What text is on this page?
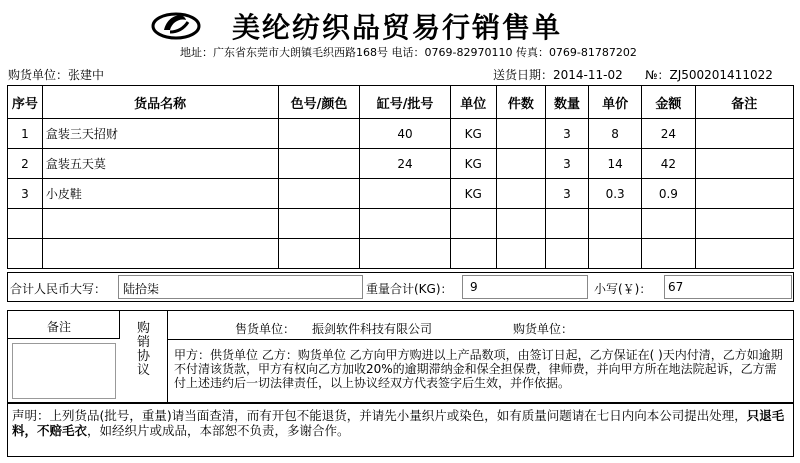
美纶纺织品贸易行销售单
地址：广东省东莞市大朗镇毛织西路168号 电话：0769-82970110 传真：0769-81787202
购货单位：张建中	送货日期：2014-11-02 №：ZJ500201411022
序号	货品名称	色号/颜色	缸号/批号	单位	件数	数量	单价	金额	备注
1	盒装三天招财		40	KG		3	8	24	
2	盒装五天莫		24	KG		3	14	42	
3	小皮鞋			KG		3	0.3	0.9	

合计人民币大写： 陆拾柒	重量合计(KG)： 9	小写(￥)： 67
备注	购销协议
售货单位： 振剑软件科技有限公司	购货单位：
甲方：供货单位 乙方：购货单位 乙方向甲方购进以上产品数项，由签订日起，乙方保证在( )天内付清，乙方如逾期不付清该货款，甲方有权向乙方加收20%的逾期滞纳金和保全担保费，律师费，并向甲方所在地法院起诉，乙方需付上述违约后一切法律责任，以上协议经双方代表签字后生效，并作依据。
声明：上列货品(批号，重量)请当面查清，而有开包不能退货，并请先小量织片或染色，如有质量问题请在七日内向本公司提出处理，只退毛料，不赔毛衣，如经织片或成品，本部恕不负责，多谢合作。
